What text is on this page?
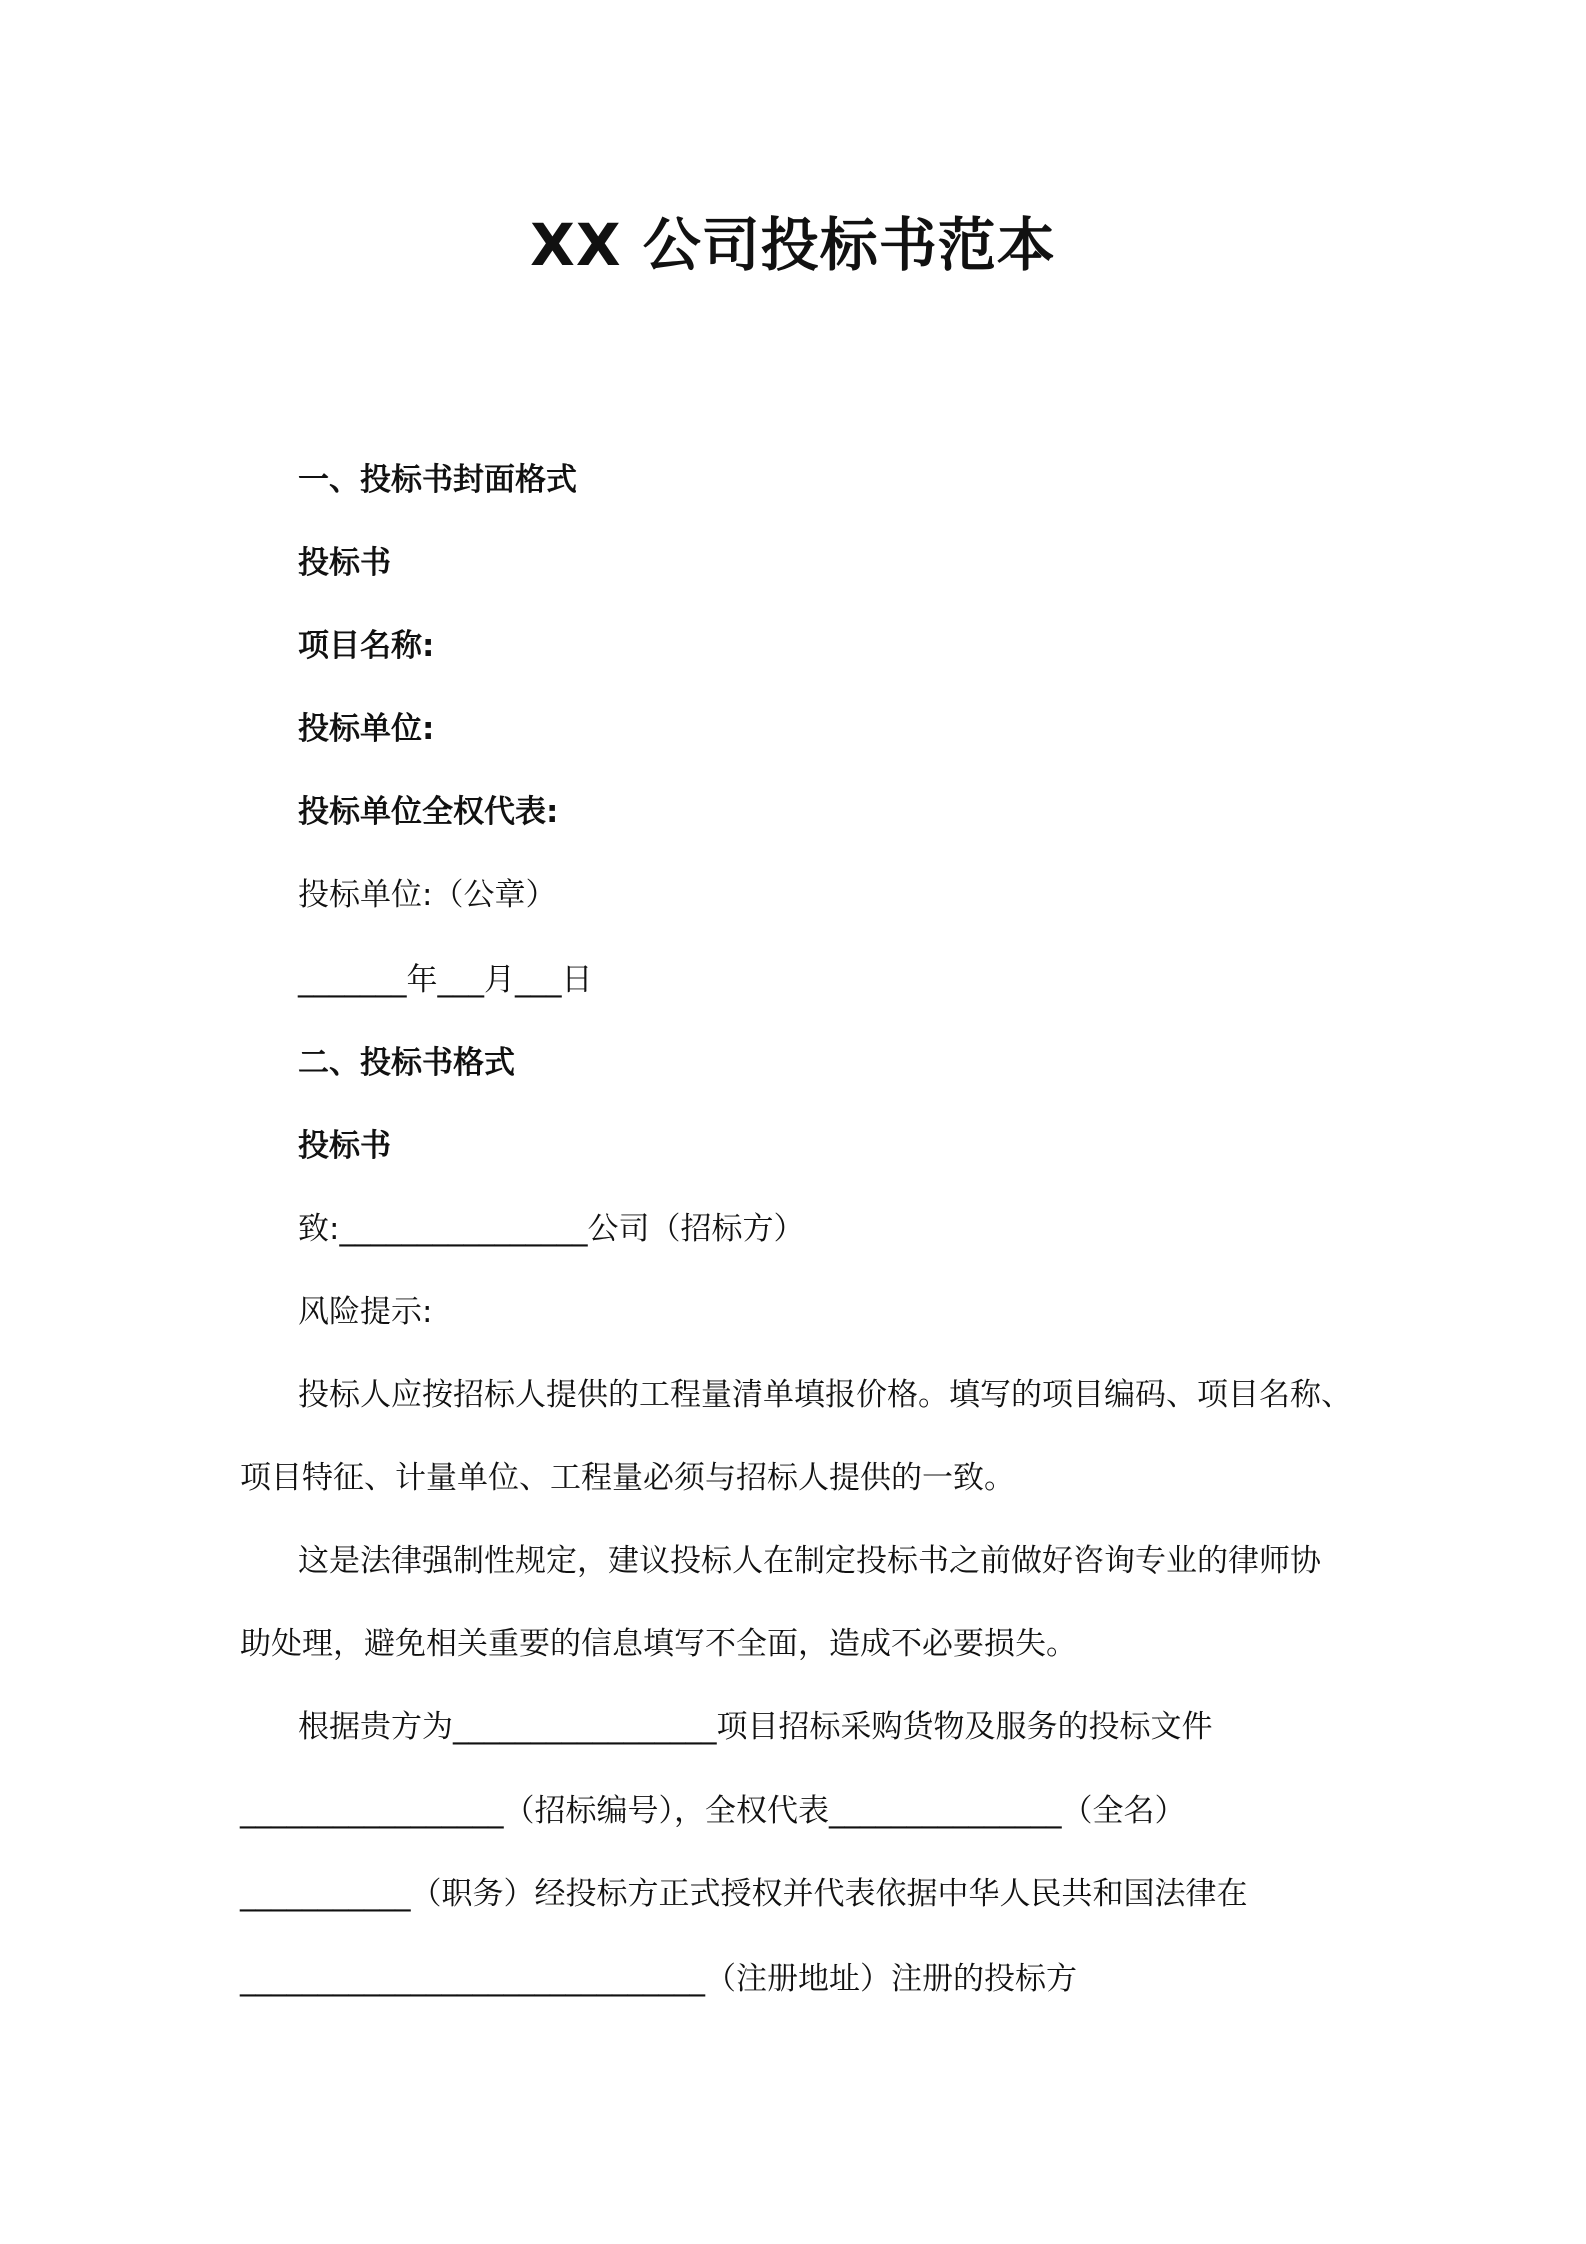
XX 公司投标书范本
一、投标书封面格式
投标书
项目名称:
投标单位:
投标单位全权代表:
投标单位:（公章）
_______年___月___日
二、投标书格式
投标书
致:________________公司（招标方）
风险提示:
投标人应按招标人提供的工程量清单填报价格。填写的项目编码、项目名称、
项目特征、计量单位、工程量必须与招标人提供的一致。
这是法律强制性规定，建议投标人在制定投标书之前做好咨询专业的律师协
助处理，避免相关重要的信息填写不全面，造成不必要损失。
根据贵方为_________________项目招标采购货物及服务的投标文件
_________________（招标编号），全权代表_______________（全名）
___________（职务）经投标方正式授权并代表依据中华人民共和国法律在
______________________________（注册地址）注册的投标方
